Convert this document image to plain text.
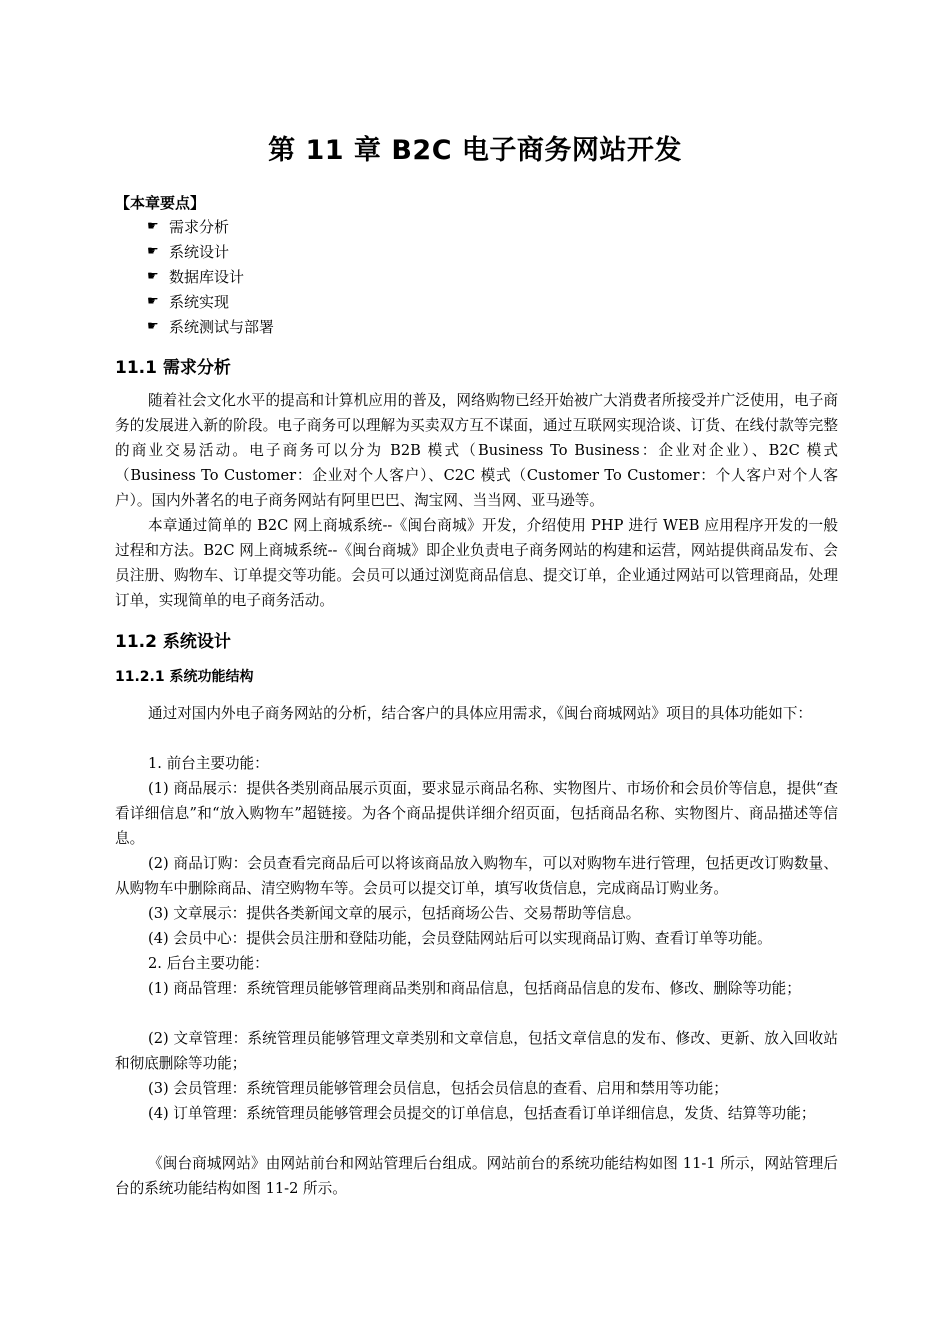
第 11 章 B2C 电子商务网站开发
【本章要点】
☛ 需求分析
☛ 系统设计
☛ 数据库设计
☛ 系统实现
☛ 系统测试与部署
11.1 需求分析

随着社会文化水平的提高和计算机应用的普及，网络购物已经开始被广大消费者所接受并广泛使用，电子商务的发展进入新的阶段。电子商务可以理解为买卖双方互不谋面，通过互联网实现洽谈、订货、在线付款等完整的商业交易活动。电子商务可以分为 B2B 模式（Business To Business：企业对企业）、B2C 模式（Business To Customer：企业对个人客户）、C2C 模式（Customer To Customer：个人客户对个人客户）。国内外著名的电子商务网站有阿里巴巴、淘宝网、当当网、亚马逊等。

本章通过简单的 B2C 网上商城系统--《闽台商城》开发，介绍使用 PHP 进行 WEB 应用程序开发的一般过程和方法。B2C 网上商城系统--《闽台商城》即企业负责电子商务网站的构建和运营，网站提供商品发布、会员注册、购物车、订单提交等功能。会员可以通过浏览商品信息、提交订单，企业通过网站可以管理商品，处理订单，实现简单的电子商务活动。

11.2 系统设计
11.2.1 系统功能结构

通过对国内外电子商务网站的分析，结合客户的具体应用需求，《闽台商城网站》项目的具体功能如下：

1. 前台主要功能：

(1) 商品展示：提供各类别商品展示页面，要求显示商品名称、实物图片、市场价和会员价等信息，提供“查看详细信息”和“放入购物车”超链接。为各个商品提供详细介绍页面，包括商品名称、实物图片、商品描述等信息。

(2) 商品订购：会员查看完商品后可以将该商品放入购物车，可以对购物车进行管理，包括更改订购数量、从购物车中删除商品、清空购物车等。会员可以提交订单，填写收货信息，完成商品订购业务。

(3) 文章展示：提供各类新闻文章的展示，包括商场公告、交易帮助等信息。

(4) 会员中心：提供会员注册和登陆功能，会员登陆网站后可以实现商品订购、查看订单等功能。

2. 后台主要功能：

(1) 商品管理：系统管理员能够管理商品类别和商品信息，包括商品信息的发布、修改、删除等功能；

(2) 文章管理：系统管理员能够管理文章类别和文章信息，包括文章信息的发布、修改、更新、放入回收站和彻底删除等功能；

(3) 会员管理：系统管理员能够管理会员信息，包括会员信息的查看、启用和禁用等功能；

(4) 订单管理：系统管理员能够管理会员提交的订单信息，包括查看订单详细信息，发货、结算等功能；

《闽台商城网站》由网站前台和网站管理后台组成。网站前台的系统功能结构如图 11-1 所示，网站管理后台的系统功能结构如图 11-2 所示。
